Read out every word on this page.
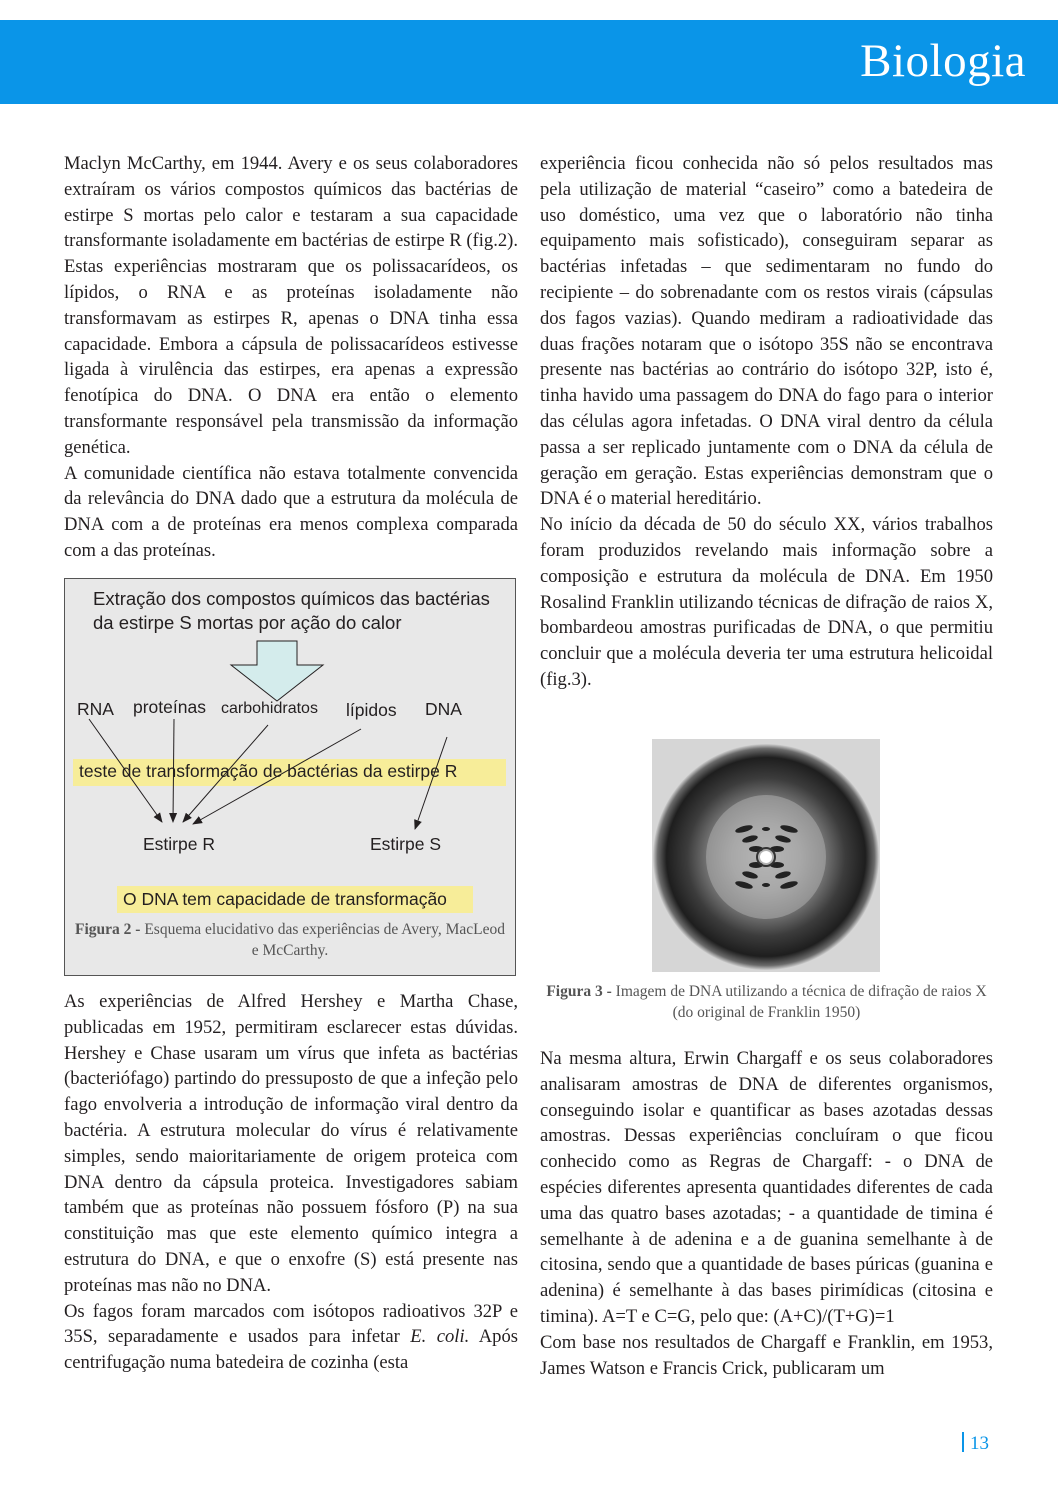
Biologia

Maclyn McCarthy, em 1944. Avery e os seus colaboradores extraíram os vários compostos químicos das bactérias de estirpe S mortas pelo calor e testaram a sua capacidade transformante isoladamente em bactérias de estirpe R (fig.2). Estas experiências mostraram que os polissacarídeos, os lípidos, o RNA e as proteínas isoladamente não transformavam as estirpes R, apenas o DNA tinha essa capacidade. Embora a cápsula de polissacarídeos estivesse ligada à virulência das estirpes, era apenas a expressão fenotípica do DNA. O DNA era então o elemento transformante responsável pela transmissão da informação genética.

A comunidade científica não estava totalmente convencida da relevância do DNA dado que a estrutura da molécula de DNA com a de proteínas era menos complexa comparada com a das proteínas.

Extração dos compostos químicos das bactérias da estirpe S mortas por ação do calor
RNA proteínas carbohidratos lípidos DNA
teste de transformação de bactérias da estirpe R
Estirpe R	Estirpe S
O DNA tem capacidade de transformação
Figura 2 - Esquema elucidativo das experiências de Avery, MacLeod e McCarthy.

As experiências de Alfred Hershey e Martha Chase, publicadas em 1952, permitiram esclarecer estas dúvidas. Hershey e Chase usaram um vírus que infeta as bactérias (bacteriófago) partindo do pressuposto de que a infeção pelo fago envolveria a introdução de informação viral dentro da bactéria. A estrutura molecular do vírus é relativamente simples, sendo maioritariamente de origem proteica com DNA dentro da cápsula proteica. Investigadores sabiam também que as proteínas não possuem fósforo (P) na sua constituição mas que este elemento químico integra a estrutura do DNA, e que o enxofre (S) está presente nas proteínas mas não no DNA.

Os fagos foram marcados com isótopos radioativos 32P e 35S, separadamente e usados para infetar E. coli. Após centrifugação numa batedeira de cozinha (esta

experiência ficou conhecida não só pelos resultados mas pela utilização de material “caseiro” como a batedeira de uso doméstico, uma vez que o laboratório não tinha equipamento mais sofisticado), conseguiram separar as bactérias infetadas – que sedimentaram no fundo do recipiente – do sobrenadante com os restos virais (cápsulas dos fagos vazias). Quando mediram a radioatividade das duas frações notaram que o isótopo 35S não se encontrava presente nas bactérias ao contrário do isótopo 32P, isto é, tinha havido uma passagem do DNA do fago para o interior das células agora infetadas. O DNA viral dentro da célula passa a ser replicado juntamente com o DNA da célula de geração em geração. Estas experiências demonstram que o DNA é o material hereditário.

No início da década de 50 do século XX, vários trabalhos foram produzidos revelando mais informação sobre a composição e estrutura da molécula de DNA. Em 1950 Rosalind Franklin utilizando técnicas de difração de raios X, bombardeou amostras purificadas de DNA, o que permitiu concluir que a molécula deveria ter uma estrutura helicoidal (fig.3).

Figura 3 - Imagem de DNA utilizando a técnica de difração de raios X (do original de Franklin 1950)

Na mesma altura, Erwin Chargaff e os seus colaboradores analisaram amostras de DNA de diferentes organismos, conseguindo isolar e quantificar as bases azotadas dessas amostras. Dessas experiências concluíram o que ficou conhecido como as Regras de Chargaff: - o DNA de espécies diferentes apresenta quantidades diferentes de cada uma das quatro bases azotadas; - a quantidade de timina é semelhante à de adenina e a de guanina semelhante à de citosina, sendo que a quantidade de bases púricas (guanina e adenina) é semelhante à das bases pirimídicas (citosina e timina). A=T e C=G, pelo que: (A+C)/(T+G)=1

Com base nos resultados de Chargaff e Franklin, em 1953, James Watson e Francis Crick, publicaram um

13
